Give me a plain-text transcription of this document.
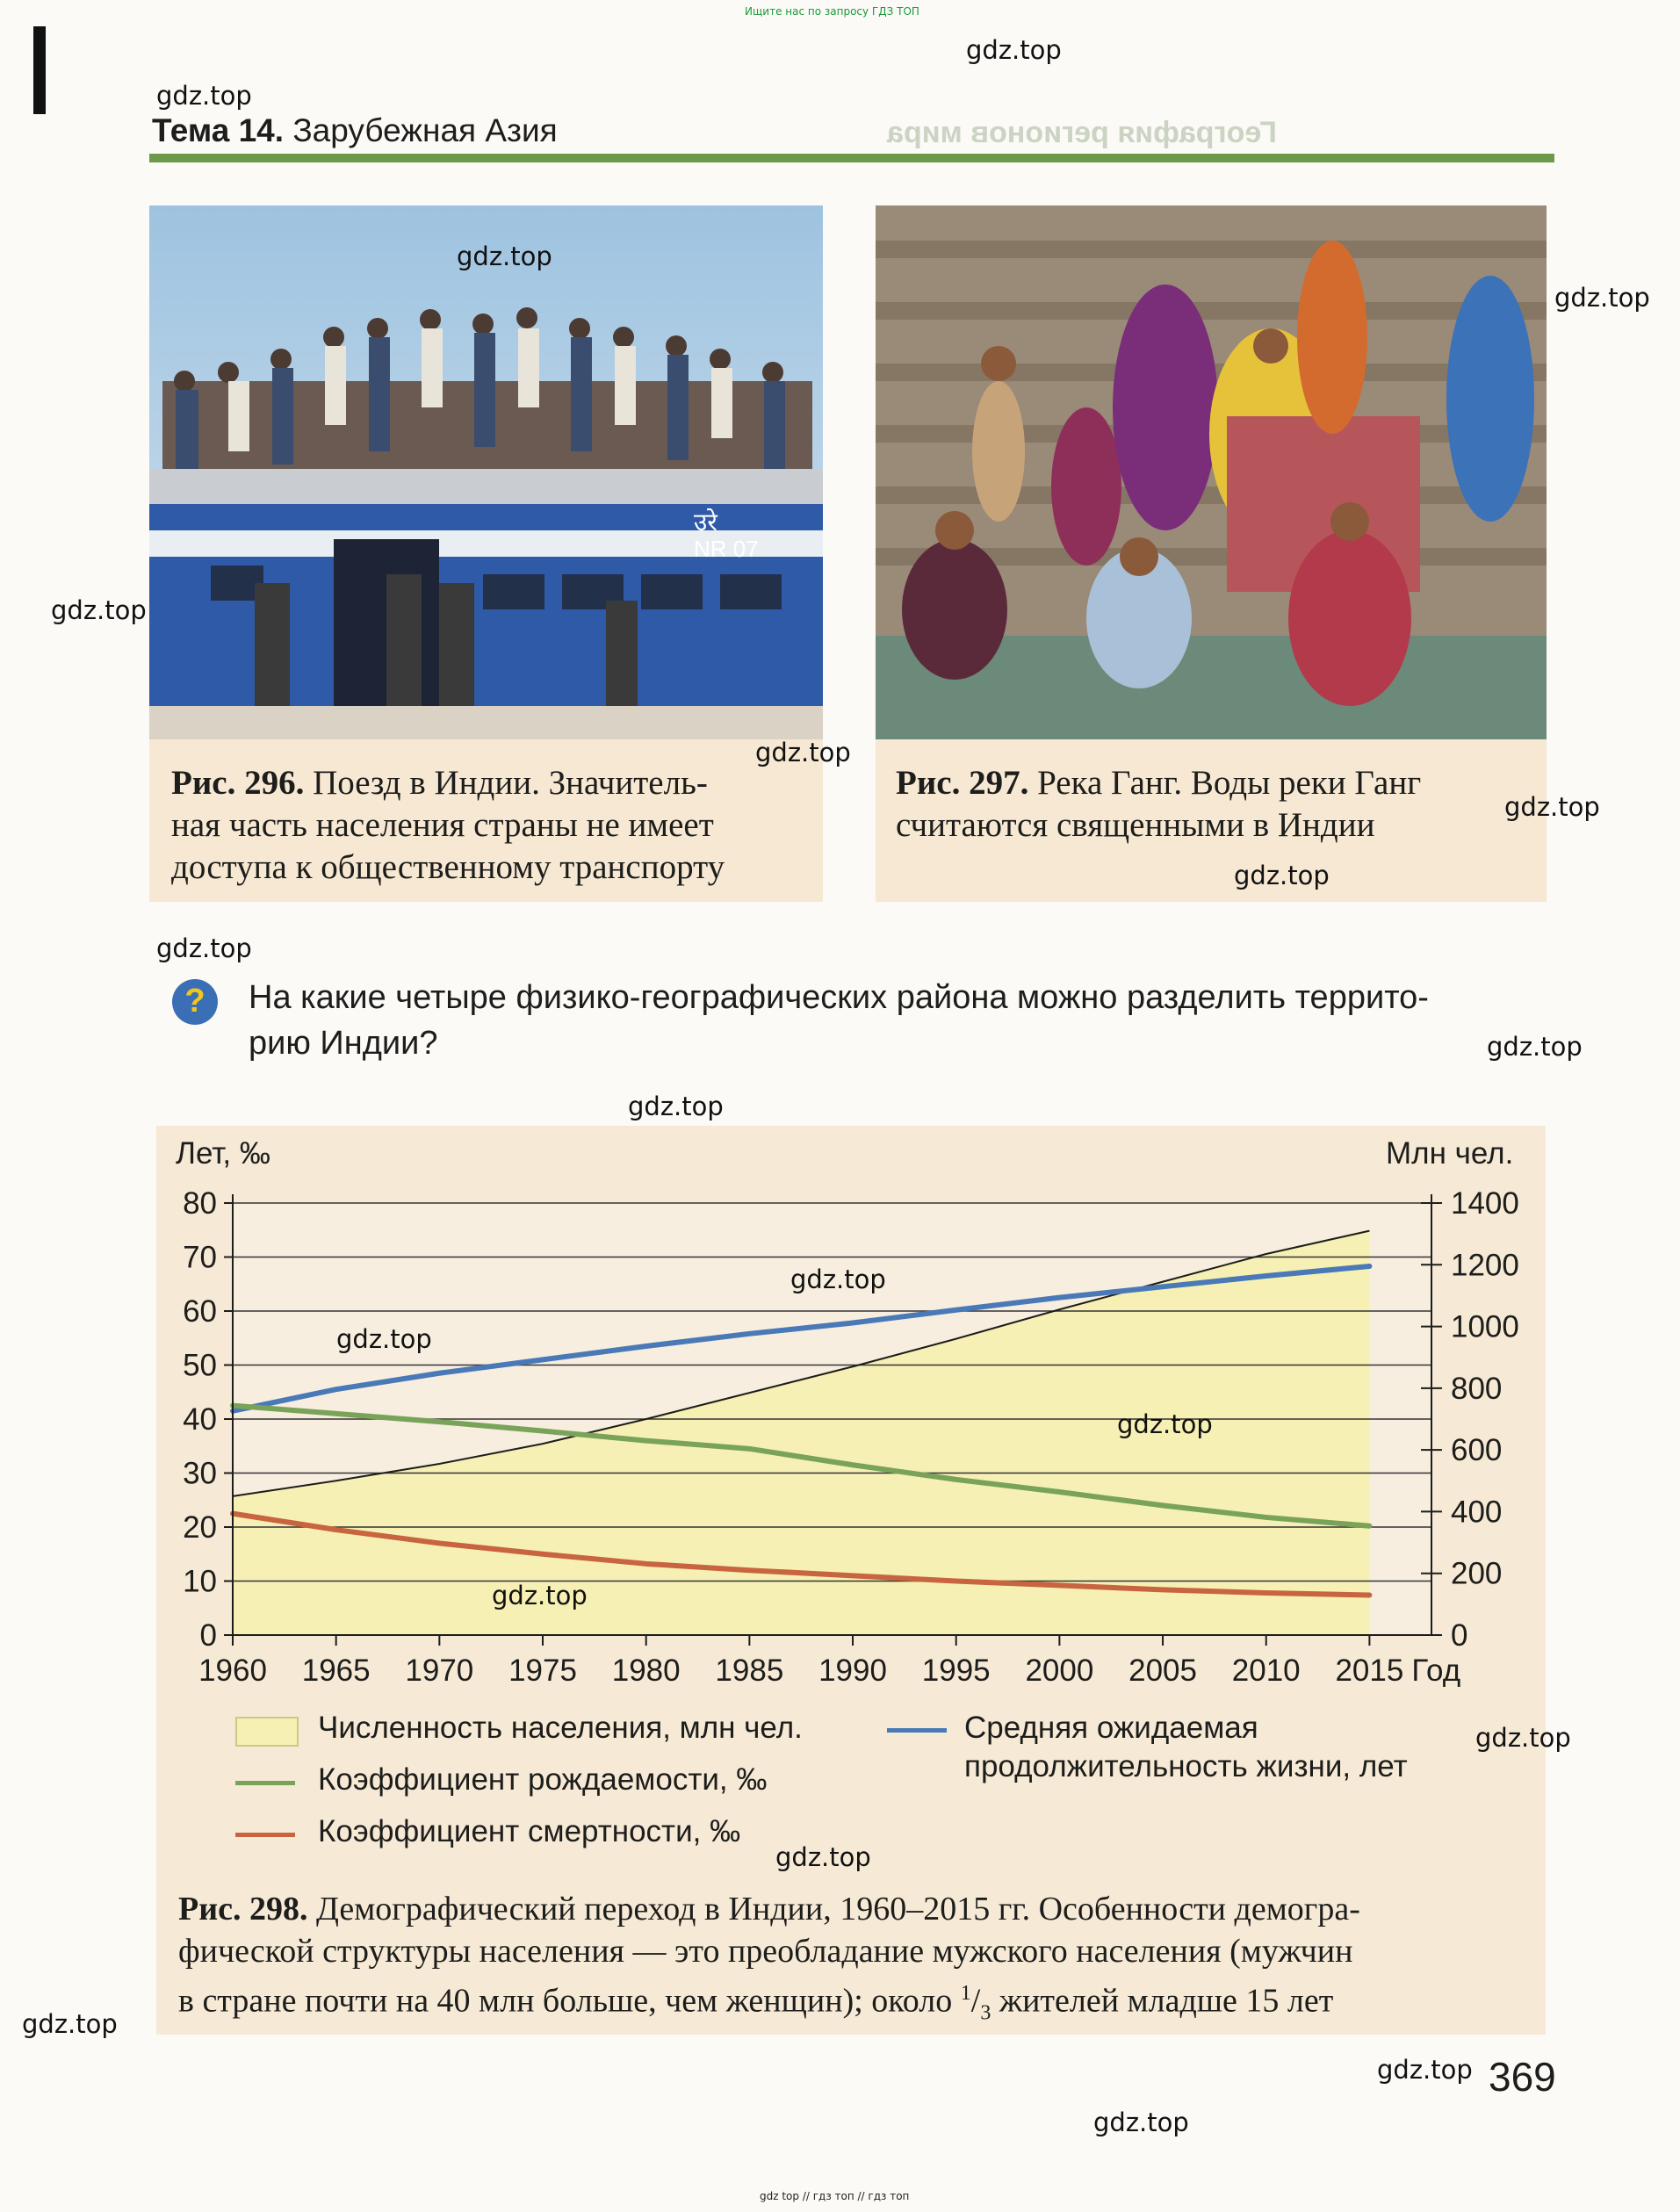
Ищите нас по запросу ГДЗ ТОП
Тема 14. Зарубежная Азия	География регионов мира
उरे
NR 07
Рис. 296. Поезд в Индии. Значитель-
ная часть населения страны не имеет
доступа к общественному транспорту
Рис. 297. Река Ганг. Воды реки Ганг
считаются священными в Индии
?	На какие четыре физико-географических района можно разделить террито-
рию Индии?
0
10
20
30
40
50
60
70
80
0
200
400
600
800
1000
1200
1400
1960 1965 1970 1975 1980 1985 1990 1995 2000 2005 2010 2015 Год
Лет, ‰	Млн чел.
Численность населения, млн чел.
Коэффициент рождаемости, ‰
Коэффициент смертности, ‰
Средняя ожидаемая
продолжительность жизни, лет
Рис. 298. Демографический переход в Индии, 1960–2015 гг. Особенности демогра-
фической структуры населения — это преобладание мужского населения (мужчин
в стране почти на 40 млн больше, чем женщин); около $^1/_3$ жителей младше 15 лет
369
gdz.top
gdz.top
gdz.top
gdz.top
gdz.top
gdz.top
gdz.top
gdz.top
gdz.top
gdz.top
gdz.top
gdz.top
gdz.top
gdz.top
gdz.top
gdz.top
gdz.top
gdz.top
gdz.top
gdz.top
gdz top // гдз топ // гдз топ
